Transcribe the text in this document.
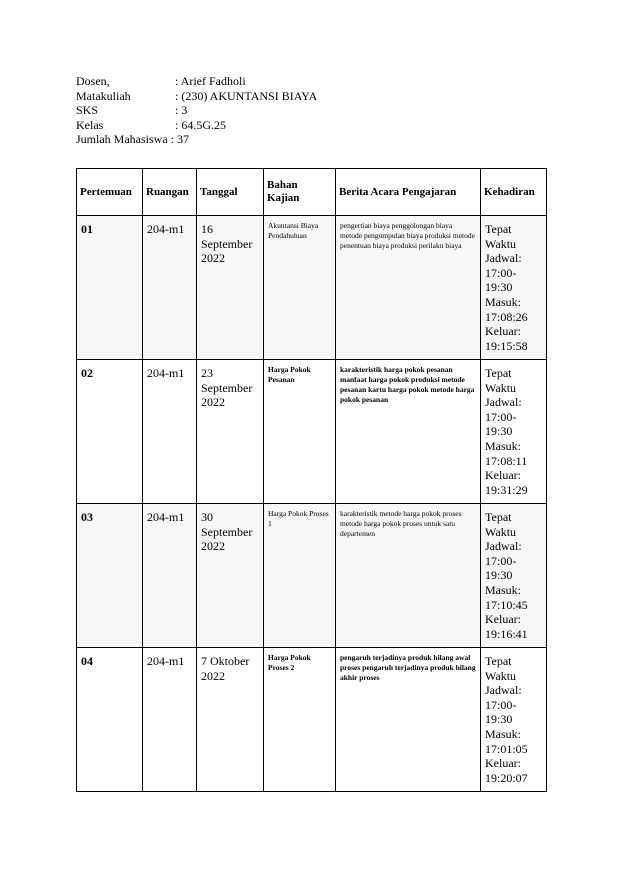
Dosen,	: Arief Fadholi
Matakuliah	: (230) AKUNTANSI BIAYA
SKS	: 3
Kelas	: 64.5G.25
Jumlah Mahasiswa
: 37
Pertemuan	Ruangan	Tanggal	Bahan Kajian	Berita Acara Pengajaran	Kehadiran
01	204-m1	16 September 2022	Akuntansi Biaya Pendahuluan	pengertian biaya penggolongan biaya metode pengumpulan biaya produksi metode penentuan biaya produksi perilaku biaya	Tepat Waktu
Jadwal: 17:00-19:30
Masuk: 17:08:26
Keluar: 19:15:58

02	204-m1	23 September 2022	Harga Pokok Pesanan	karakteristik harga pokok pesanan manfaat harga pokok produksi metode pesanan kartu harga pokok metode harga pokok pesanan	Tepat Waktu
Jadwal: 17:00-19:30
Masuk: 17:08:11
Keluar: 19:31:29

03	204-m1	30 September 2022	Harga Pokok Proses 1	karakteristik metode harga pokok proses metode harga pokok proses untuk satu departemen	Tepat Waktu
Jadwal: 17:00-19:30
Masuk: 17:10:45
Keluar: 19:16:41

04	204-m1	7 Oktober 2022	Harga Pokok Proses 2	pengaruh terjadinya produk hilang awal proses pengaruh terjadinya produk hilang akhir proses	Tepat Waktu
Jadwal: 17:00-19:30
Masuk: 17:01:05
Keluar: 19:20:07
